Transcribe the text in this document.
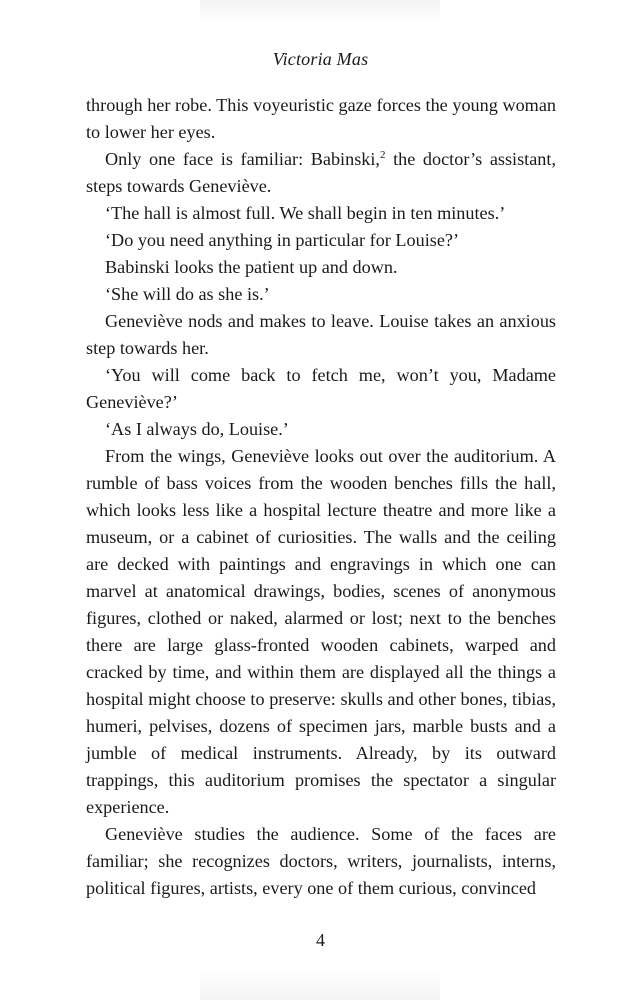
Victoria Mas

through her robe. This voyeuristic gaze forces the young woman to lower her eyes.

Only one face is familiar: Babinski,$^2$ the doctor’s assistant, steps towards Geneviève.

‘The hall is almost full. We shall begin in ten minutes.’

‘Do you need anything in particular for Louise?’

Babinski looks the patient up and down.

‘She will do as she is.’

Geneviève nods and makes to leave. Louise takes an anxious step towards her.

‘You will come back to fetch me, won’t you, Madame Geneviève?’

‘As I always do, Louise.’

From the wings, Geneviève looks out over the auditorium. A rumble of bass voices from the wooden benches fills the hall, which looks less like a hospital lecture theatre and more like a museum, or a cabinet of curiosities. The walls and the ceiling are decked with paintings and engravings in which one can marvel at anatomical drawings, bodies, scenes of anonymous figures, clothed or naked, alarmed or lost; next to the benches there are large glass-fronted wooden cabinets, warped and cracked by time, and within them are displayed all the things a hospital might choose to preserve: skulls and other bones, tibias, humeri, pelvises, dozens of specimen jars, marble busts and a jumble of medical instruments. Already, by its outward trappings, this auditorium promises the spectator a singular experience.

Geneviève studies the audience. Some of the faces are familiar; she recognizes doctors, writers, journalists, interns, political figures, artists, every one of them curious, convinced

4
